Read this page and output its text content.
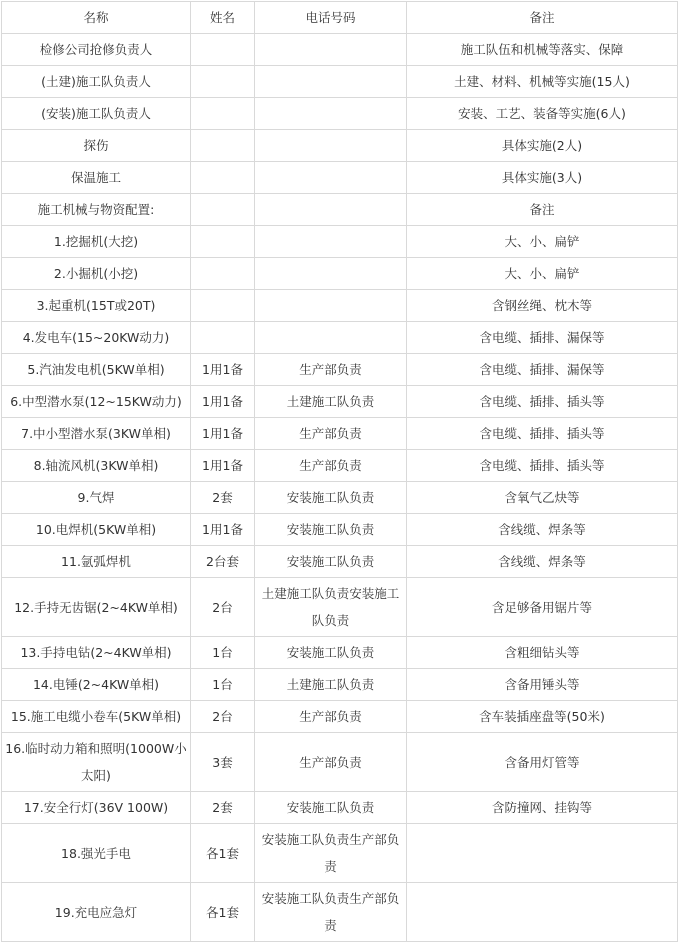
名称	姓名	电话号码	备注
检修公司抢修负责人			施工队伍和机械等落实、保障
(土建)施工队负责人			土建、材料、机械等实施(15人)
(安装)施工队负责人			安装、工艺、装备等实施(6人)
探伤			具体实施(2人)
保温施工			具体实施(3人)
施工机械与物资配置:			备注
1.挖掘机(大挖)			大、小、扁铲
2.小掘机(小挖)			大、小、扁铲
3.起重机(15T或20T)			含钢丝绳、枕木等
4.发电车(15~20KW动力)			含电缆、插排、漏保等
5.汽油发电机(5KW单相)	1用1备	生产部负责	含电缆、插排、漏保等
6.中型潜水泵(12~15KW动力)	1用1备	土建施工队负责	含电缆、插排、插头等
7.中小型潜水泵(3KW单相)	1用1备	生产部负责	含电缆、插排、插头等
8.轴流风机(3KW单相)	1用1备	生产部负责	含电缆、插排、插头等
9.气焊	2套	安装施工队负责	含氧气乙炔等
10.电焊机(5KW单相)	1用1备	安装施工队负责	含线缆、焊条等
11.氩弧焊机	2台套	安装施工队负责	含线缆、焊条等
12.手持无齿锯(2~4KW单相)	2台	土建施工队负责安装施工队负责	含足够备用锯片等
13.手持电钻(2~4KW单相)	1台	安装施工队负责	含粗细钻头等
14.电锤(2~4KW单相)	1台	土建施工队负责	含备用锤头等
15.施工电缆小卷车(5KW单相)	2台	生产部负责	含车装插座盘等(50米)
16.临时动力箱和照明(1000W小太阳)	3套	生产部负责	含备用灯管等
17.安全行灯(36V 100W)	2套	安装施工队负责	含防撞网、挂钩等
18.强光手电	各1套	安装施工队负责生产部负责	
19.充电应急灯	各1套	安装施工队负责生产部负责	
